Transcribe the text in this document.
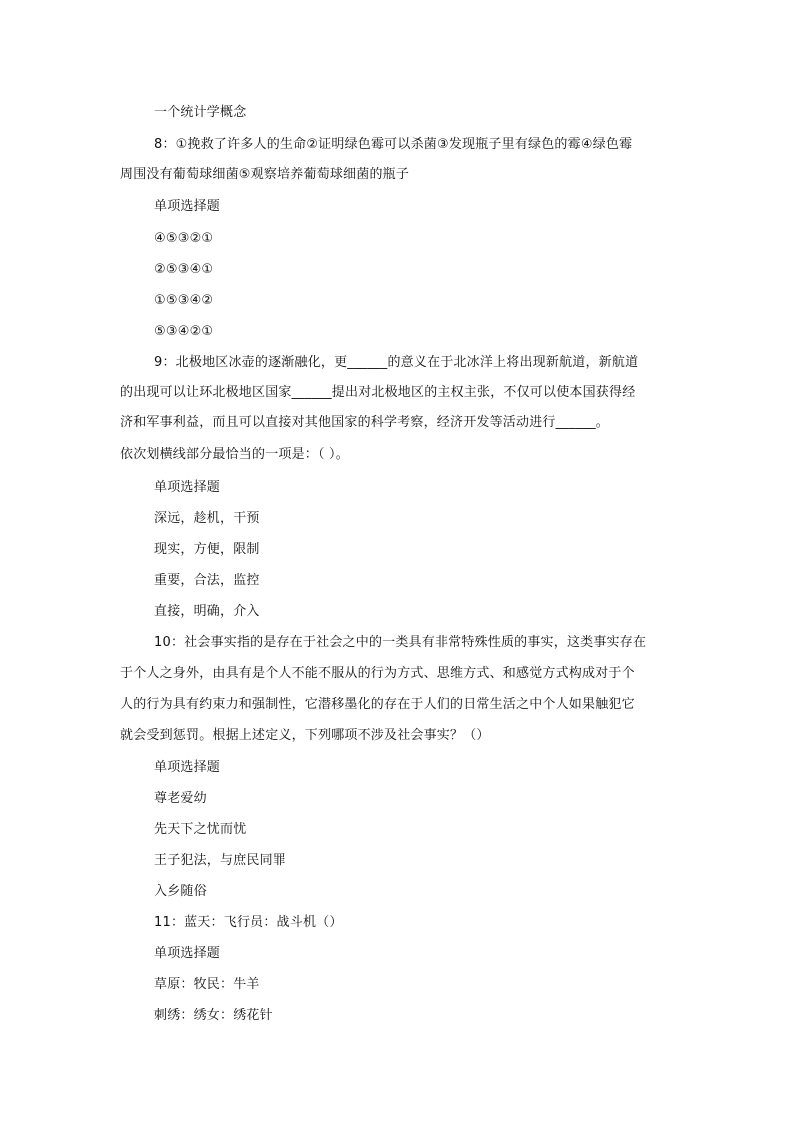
一个统计学概念
8：①挽救了许多人的生命②证明绿色霉可以杀菌③发现瓶子里有绿色的霉④绿色霉
周围没有葡萄球细菌⑤观察培养葡萄球细菌的瓶子
单项选择题
④⑤③②①
②⑤③④①
①⑤③④②
⑤③④②①
9：北极地区冰壶的逐渐融化，更______的意义在于北冰洋上将出现新航道，新航道
的出现可以让环北极地区国家______提出对北极地区的主权主张，不仅可以使本国获得经
济和军事利益，而且可以直接对其他国家的科学考察，经济开发等活动进行______。
依次划横线部分最恰当的一项是：（ ）。
单项选择题
深远，趁机，干预
现实，方便，限制
重要，合法，监控
直接，明确，介入
10：社会事实指的是存在于社会之中的一类具有非常特殊性质的事实，这类事实存在
于个人之身外，由具有是个人不能不服从的行为方式、思维方式、和感觉方式构成对于个
人的行为具有约束力和强制性，它潜移墨化的存在于人们的日常生活之中个人如果触犯它
就会受到惩罚。根据上述定义，下列哪项不涉及社会事实？（）
单项选择题
尊老爱幼
先天下之忧而忧
王子犯法，与庶民同罪
入乡随俗
11：蓝天：飞行员：战斗机（）
单项选择题
草原：牧民：牛羊
刺绣：绣女：绣花针
